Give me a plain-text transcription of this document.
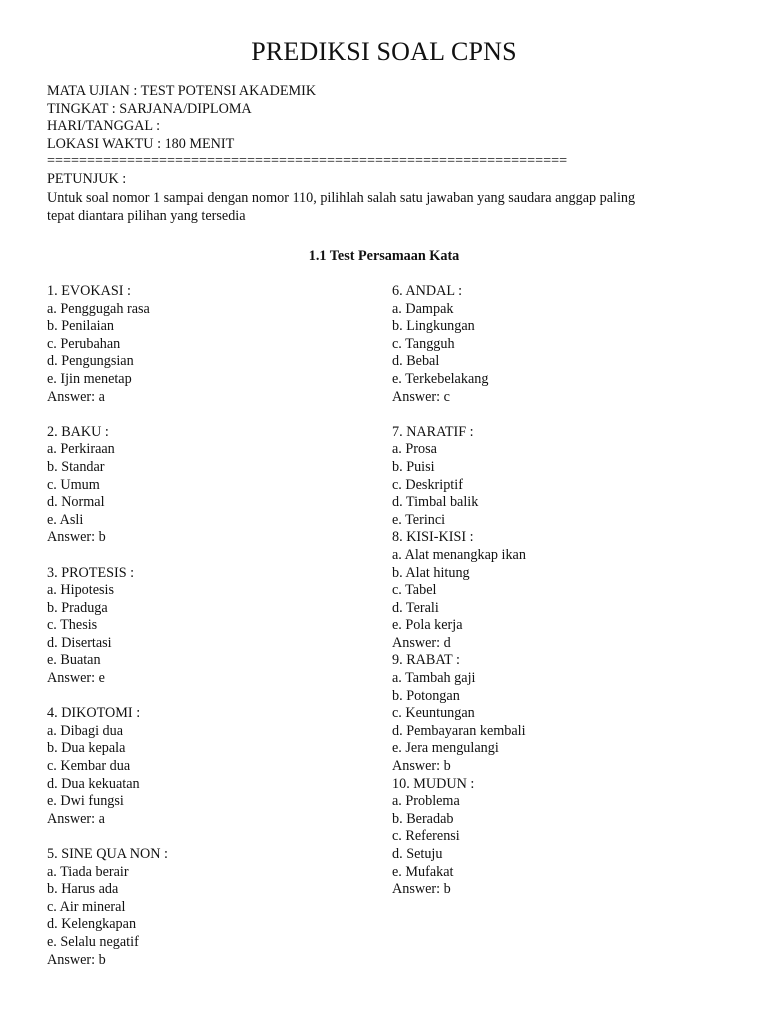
PREDIKSI SOAL CPNS
MATA UJIAN : TEST POTENSI AKADEMIK
TINGKAT : SARJANA/DIPLOMA
HARI/TANGGAL :
LOKASI WAKTU : 180 MENIT
=================================================================
PETUNJUK :
Untuk soal nomor 1 sampai dengan nomor 110, pilihlah salah satu jawaban yang saudara anggap paling tepat diantara pilihan yang tersedia
1.1 Test Persamaan Kata
1. EVOKASI :
a. Penggugah rasa
b. Penilaian
c. Perubahan
d. Pengungsian
e. Ijin menetap
Answer: a
2. BAKU :
a. Perkiraan
b. Standar
c. Umum
d. Normal
e. Asli
Answer: b
3. PROTESIS :
a. Hipotesis
b. Praduga
c. Thesis
d. Disertasi
e. Buatan
Answer: e
4. DIKOTOMI :
a. Dibagi dua
b. Dua kepala
c. Kembar dua
d. Dua kekuatan
e. Dwi fungsi
Answer: a
5. SINE QUA NON :
a. Tiada berair
b. Harus ada
c. Air mineral
d. Kelengkapan
e. Selalu negatif
Answer: b
6. ANDAL :
a. Dampak
b. Lingkungan
c. Tangguh
d. Bebal
e. Terkebelakang
Answer: c
7. NARATIF :
a. Prosa
b. Puisi
c. Deskriptif
d. Timbal balik
e. Terinci
8. KISI-KISI :
a. Alat menangkap ikan
b. Alat hitung
c. Tabel
d. Terali
e. Pola kerja
Answer: d
9. RABAT :
a. Tambah gaji
b. Potongan
c. Keuntungan
d. Pembayaran kembali
e. Jera mengulangi
Answer: b
10. MUDUN :
a. Problema
b. Beradab
c. Referensi
d. Setuju
e. Mufakat
Answer: b
